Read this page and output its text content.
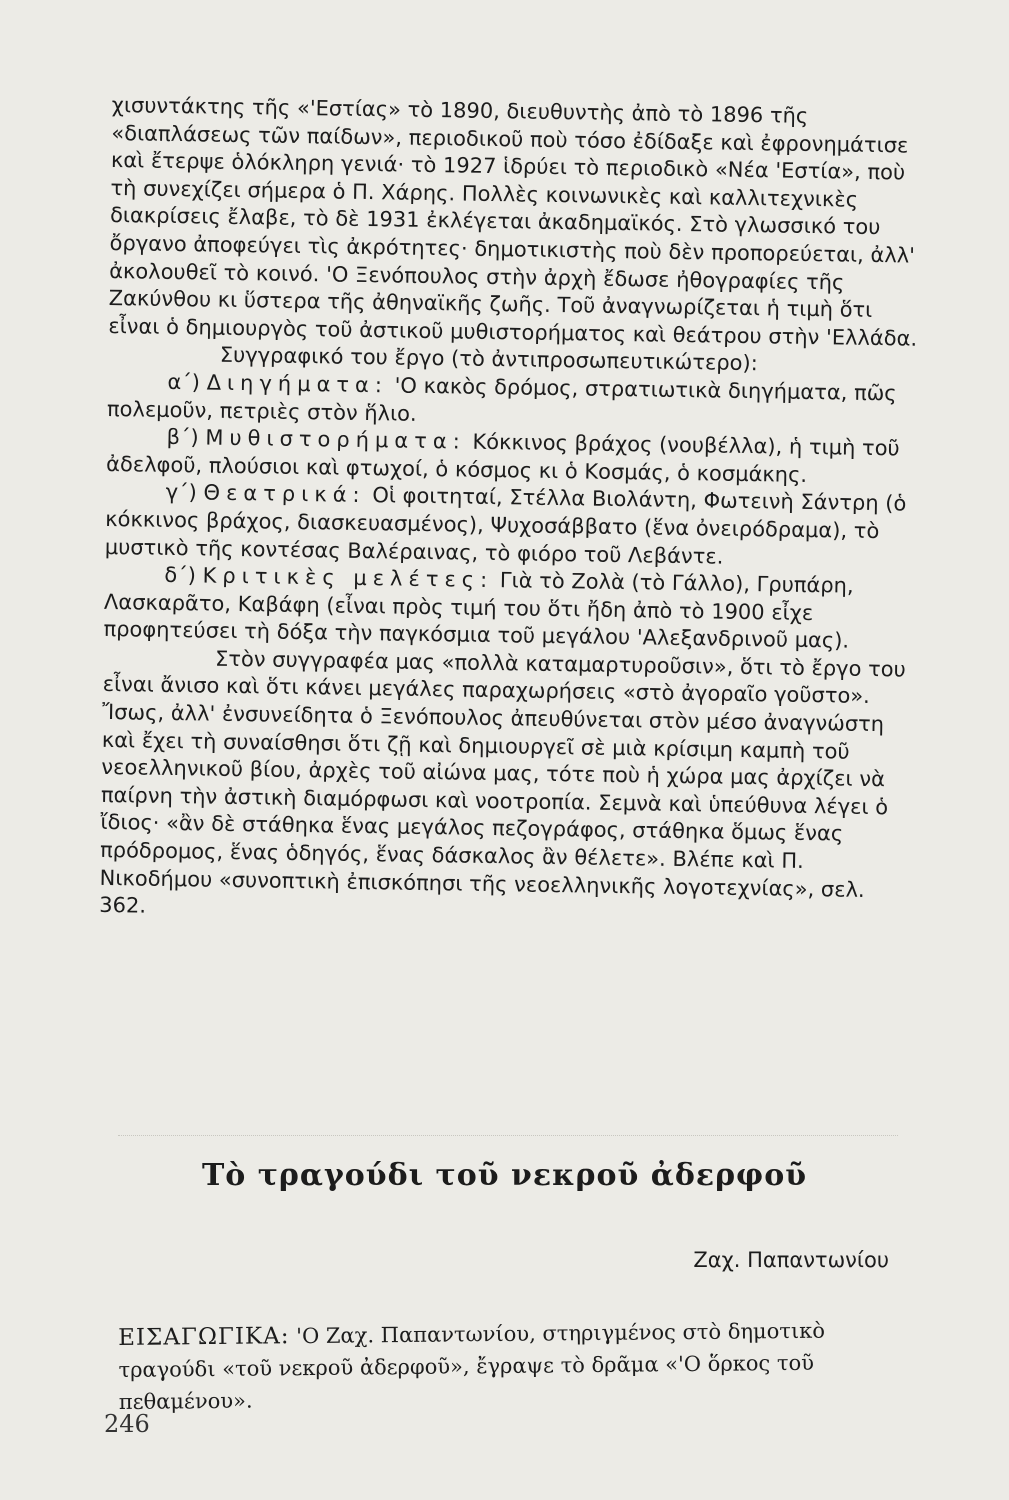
χισυντάκτης τῆς «'Εστίας» τὸ 1890, διευθυντὴς ἀπὸ τὸ 1896 τῆς «διαπλάσεως τῶν παίδων», περιοδικοῦ ποὺ τόσο ἐδίδαξε καὶ ἐφρονημάτισε καὶ ἔτερψε ὁλόκληρη γενιά· τὸ 1927 ἱδρύει τὸ περιοδικὸ «Νέα 'Εστία», ποὺ τὴ συνεχίζει σήμερα ὁ Π. Χάρης. Πολλὲς κοινωνικὲς καὶ καλλιτεχνικὲς διακρίσεις ἔλαβε, τὸ δὲ 1931 ἐκλέγεται ἀκαδημαϊκός. Στὸ γλωσσικό του ὄργανο ἀποφεύγει τὶς ἀκρότητες· δημοτικιστὴς ποὺ δὲν προπορεύεται, ἀλλ' ἀκολουθεῖ τὸ κοινό. 'Ο Ξενόπουλος στὴν ἀρχὴ ἔδωσε ἠθογραφίες τῆς Ζακύνθου κι ὕστερα τῆς ἀθηναϊκῆς ζωῆς. Τοῦ ἀναγνωρίζεται ἡ τιμὴ ὅτι εἶναι ὁ δημιουργὸς τοῦ ἀστικοῦ μυθιστορήματος καὶ θεάτρου στὴν 'Ελλάδα.

Συγγραφικό του ἔργο (τὸ ἀντιπροσωπευτικώτερο):

α΄) Διηγήματα: 'Ο κακὸς δρόμος, στρατιωτικὰ διηγήματα, πῶς πολεμοῦν, πετριὲς στὸν ἥλιο.

β΄) Μυθιστορήματα: Κόκκινος βράχος (νουβέλλα), ἡ τιμὴ τοῦ ἀδελφοῦ, πλούσιοι καὶ φτωχοί, ὁ κόσμος κι ὁ Κοσμάς, ὁ κοσμάκης.

γ΄) Θεατρικά: Οἱ φοιτηταί, Στέλλα Βιολάντη, Φωτεινὴ Σάντρη (ὁ κόκκινος βράχος, διασκευασμένος), Ψυχοσάββατο (ἕνα ὀνειρόδραμα), τὸ μυστικὸ τῆς κοντέσας Βαλέραινας, τὸ φιόρο τοῦ Λεβάντε.

δ΄) Κριτικὲς μελέτες: Γιὰ τὸ Ζολὰ (τὸ Γάλλο), Γρυπάρη, Λασκαρᾶτο, Καβάφη (εἶναι πρὸς τιμή του ὅτι ἤδη ἀπὸ τὸ 1900 εἶχε προφητεύσει τὴ δόξα τὴν παγκόσμια τοῦ μεγάλου 'Αλεξανδρινοῦ μας).

Στὸν συγγραφέα μας «πολλὰ καταμαρτυροῦσιν», ὅτι τὸ ἔργο του εἶναι ἄνισο καὶ ὅτι κάνει μεγάλες παραχωρήσεις «στὸ ἀγοραῖο γοῦστο». Ἴσως, ἀλλ' ἐνσυνείδητα ὁ Ξενόπουλος ἀπευθύνεται στὸν μέσο ἀναγνώστη καὶ ἔχει τὴ συναίσθησι ὅτι ζῇ καὶ δημιουργεῖ σὲ μιὰ κρίσιμη καμπὴ τοῦ νεοελληνικοῦ βίου, ἀρχὲς τοῦ αἰώνα μας, τότε ποὺ ἡ χώρα μας ἀρχίζει νὰ παίρνη τὴν ἀστικὴ διαμόρφωσι καὶ νοοτροπία. Σεμνὰ καὶ ὑπεύθυνα λέγει ὁ ἴδιος· «ἂν δὲ στάθηκα ἕνας μεγάλος πεζογράφος, στάθηκα ὅμως ἕνας πρόδρομος, ἕνας ὁδηγός, ἕνας δάσκαλος ἂν θέλετε». Βλέπε καὶ Π. Νικοδήμου «συνοπτικὴ ἐπισκόπησι τῆς νεοελληνικῆς λογοτεχνίας», σελ. 362.

Τὸ τραγούδι τοῦ νεκροῦ ἀδερφοῦ
Ζαχ. Παπαντωνίου
ΕΙΣΑΓΩΓΙΚΑ: 'Ο Ζαχ. Παπαντωνίου, στηριγμένος στὸ δημοτικὸ τραγούδι «τοῦ νεκροῦ ἀδερφοῦ», ἔγραψε τὸ δρᾶμα «'Ο ὅρκος τοῦ πεθαμένου».
246
